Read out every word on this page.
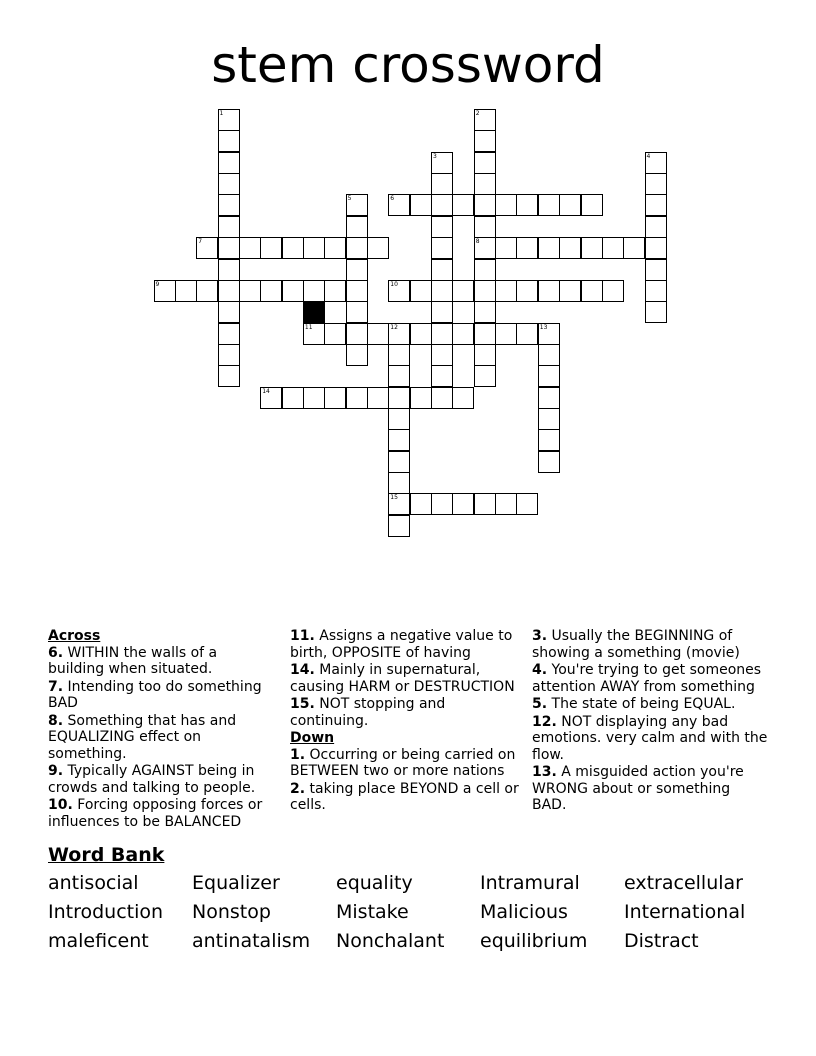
stem crossword
1	2
8
3	4
5	6
7
9	10
11	12	13
15
14

Across

6. WITHIN the walls of a building when situated.

7. Intending too do something BAD

8. Something that has and EQUALIZING effect on something.

9. Typically AGAINST being in crowds and talking to people.

10. Forcing opposing forces or influences to be BALANCED

11. Assigns a negative value to birth, OPPOSITE of having

14. Mainly in supernatural, causing HARM or DESTRUCTION

15. NOT stopping and continuing.

Down

1. Occurring or being carried on BETWEEN two or more nations

2. taking place BEYOND a cell or cells.

3. Usually the BEGINNING of showing a something (movie)

4. You're trying to get someones attention AWAY from something

5. The state of being EQUAL.

12. NOT displaying any bad emotions. very calm and with the flow.

13. A misguided action you're WRONG about or something BAD.

Word Bank
antisocial	Equalizer	equality	Intramural	extracellular
Introduction	Nonstop	Mistake	Malicious	International
maleficent	antinatalism	Nonchalant	equilibrium	Distract
